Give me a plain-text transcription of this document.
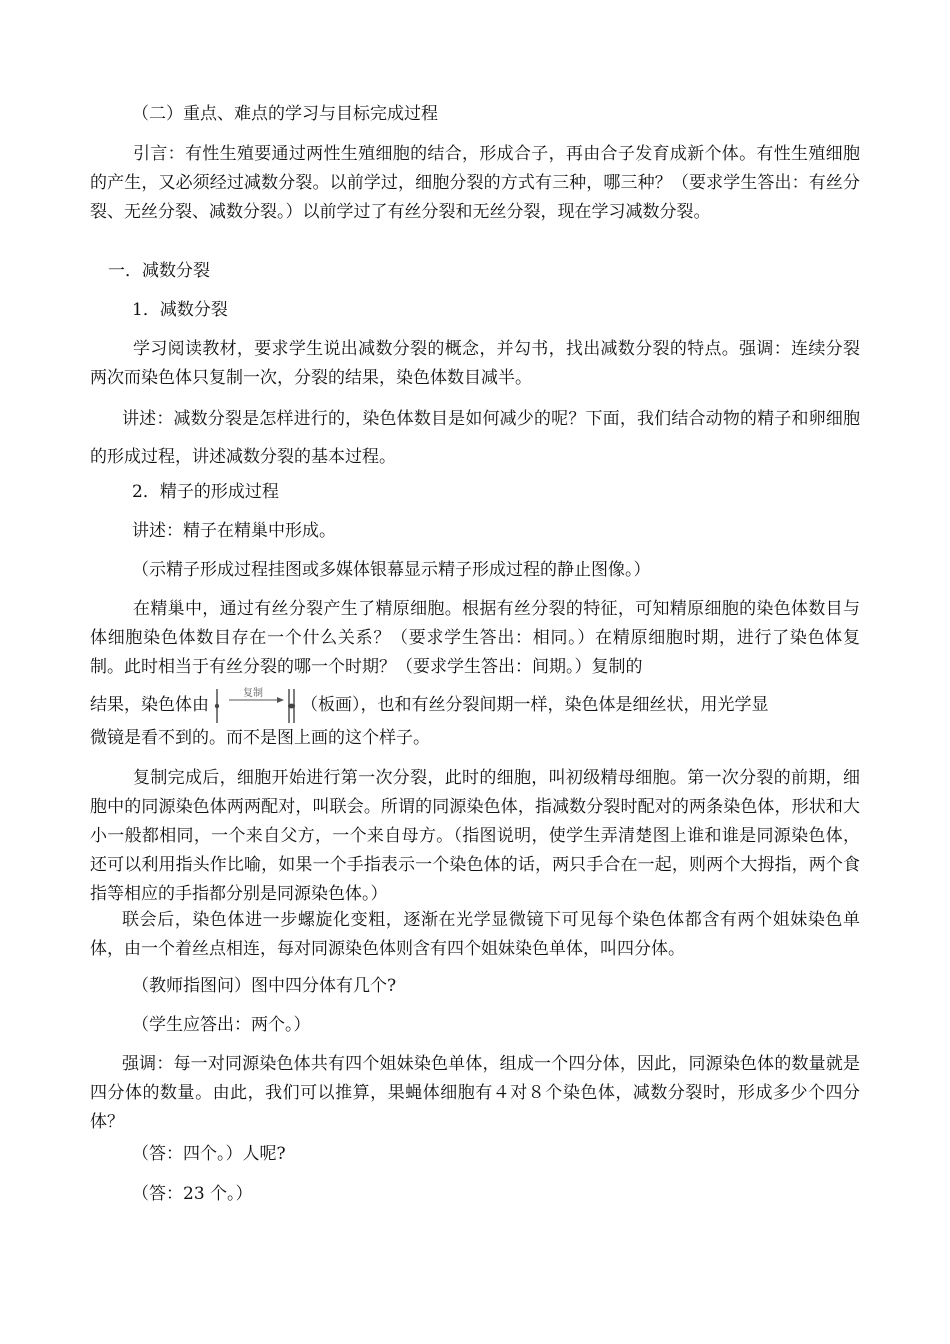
（二）重点、难点的学习与目标完成过程
引言：有性生殖要通过两性生殖细胞的结合，形成合子，再由合子发育成新个体。有性生殖细胞的产生，又必须经过减数分裂。以前学过，细胞分裂的方式有三种，哪三种？（要求学生答出：有丝分裂、无丝分裂、减数分裂。）以前学过了有丝分裂和无丝分裂，现在学习减数分裂。
一．减数分裂
1．减数分裂
学习阅读教材，要求学生说出减数分裂的概念，并勾书，找出减数分裂的特点。强调：连续分裂两次而染色体只复制一次，分裂的结果，染色体数目减半。
讲述：减数分裂是怎样进行的，染色体数目是如何减少的呢？下面，我们结合动物的精子和卵细胞的形成过程，讲述减数分裂的基本过程。
2．精子的形成过程
讲述：精子在精巢中形成。
（示精子形成过程挂图或多媒体银幕显示精子形成过程的静止图像。）
在精巢中，通过有丝分裂产生了精原细胞。根据有丝分裂的特征，可知精原细胞的染色体数目与体细胞染色体数目存在一个什么关系？（要求学生答出：相同。）在精原细胞时期，进行了染色体复制。此时相当于有丝分裂的哪一个时期？（要求学生答出：间期。）复制的
结果，染色体由
复制
（板画），也和有丝分裂间期一样，染色体是细丝状，用光学显
微镜是看不到的。而不是图上画的这个样子。
复制完成后，细胞开始进行第一次分裂，此时的细胞，叫初级精母细胞。第一次分裂的前期，细胞中的同源染色体两两配对，叫联会。所谓的同源染色体，指减数分裂时配对的两条染色体，形状和大小一般都相同，一个来自父方，一个来自母方。（指图说明，使学生弄清楚图上谁和谁是同源染色体，还可以利用指头作比喻，如果一个手指表示一个染色体的话，两只手合在一起，则两个大拇指，两个食指等相应的手指都分别是同源染色体。）
联会后，染色体进一步螺旋化变粗，逐渐在光学显微镜下可见每个染色体都含有两个姐妹染色单体，由一个着丝点相连，每对同源染色体则含有四个姐妹染色单体，叫四分体。
（教师指图问）图中四分体有几个?
（学生应答出：两个。）
强调：每一对同源染色体共有四个姐妹染色单体，组成一个四分体，因此，同源染色体的数量就是四分体的数量。由此，我们可以推算，果蝇体细胞有４对８个染色体，减数分裂时，形成多少个四分体？
（答：四个。）人呢?
（答：23 个。）
